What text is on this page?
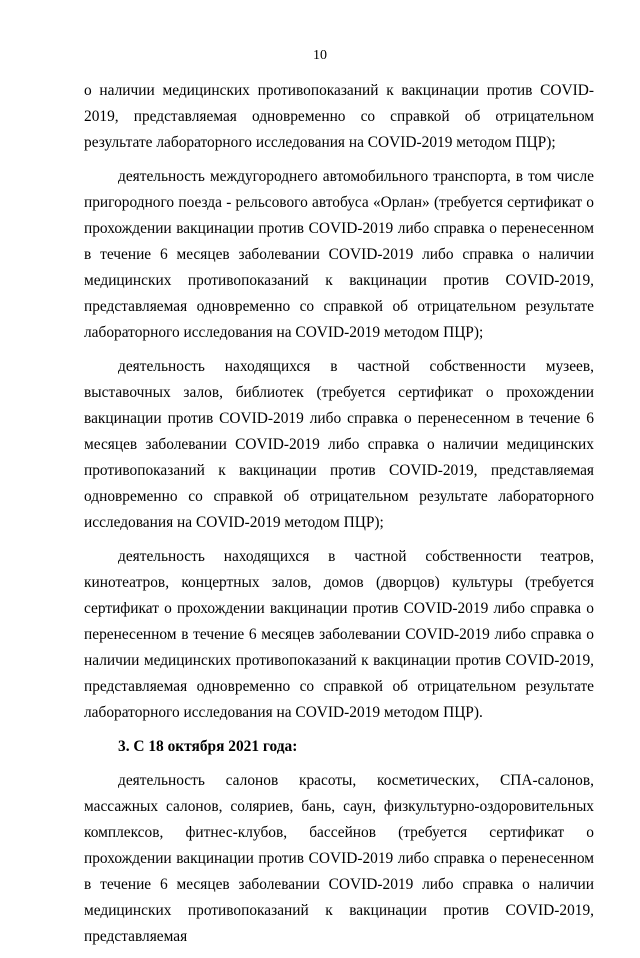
10

о наличии медицинских противопоказаний к вакцинации против COVID-2019, представляемая одновременно со справкой об отрицательном результате лабораторного исследования на COVID-2019 методом ПЦР);

деятельность междугороднего автомобильного транспорта, в том числе пригородного поезда - рельсового автобуса «Орлан» (требуется сертификат о прохождении вакцинации против COVID-2019 либо справка о перенесенном в течение 6 месяцев заболевании COVID-2019 либо справка о наличии медицинских противопоказаний к вакцинации против COVID-2019, представляемая одновременно со справкой об отрицательном результате лабораторного исследования на COVID-2019 методом ПЦР);

деятельность находящихся в частной собственности музеев, выставочных залов, библиотек (требуется сертификат о прохождении вакцинации против COVID-2019 либо справка о перенесенном в течение 6 месяцев заболевании COVID-2019 либо справка о наличии медицинских противопоказаний к вакцинации против COVID-2019, представляемая одновременно со справкой об отрицательном результате лабораторного исследования на COVID-2019 методом ПЦР);

деятельность находящихся в частной собственности театров, кинотеатров, концертных залов, домов (дворцов) культуры (требуется сертификат о прохождении вакцинации против COVID-2019 либо справка о перенесенном в течение 6 месяцев заболевании COVID-2019 либо справка о наличии медицинских противопоказаний к вакцинации против COVID-2019, представляемая одновременно со справкой об отрицательном результате лабораторного исследования на COVID-2019 методом ПЦР).

3. С 18 октября 2021 года:

деятельность салонов красоты, косметических, СПА-салонов, массажных салонов, соляриев, бань, саун, физкультурно-оздоровительных комплексов, фитнес-клубов, бассейнов (требуется сертификат о прохождении вакцинации против COVID-2019 либо справка о перенесенном в течение 6 месяцев заболевании COVID-2019 либо справка о наличии медицинских противопоказаний к вакцинации против COVID-2019, представляемая
